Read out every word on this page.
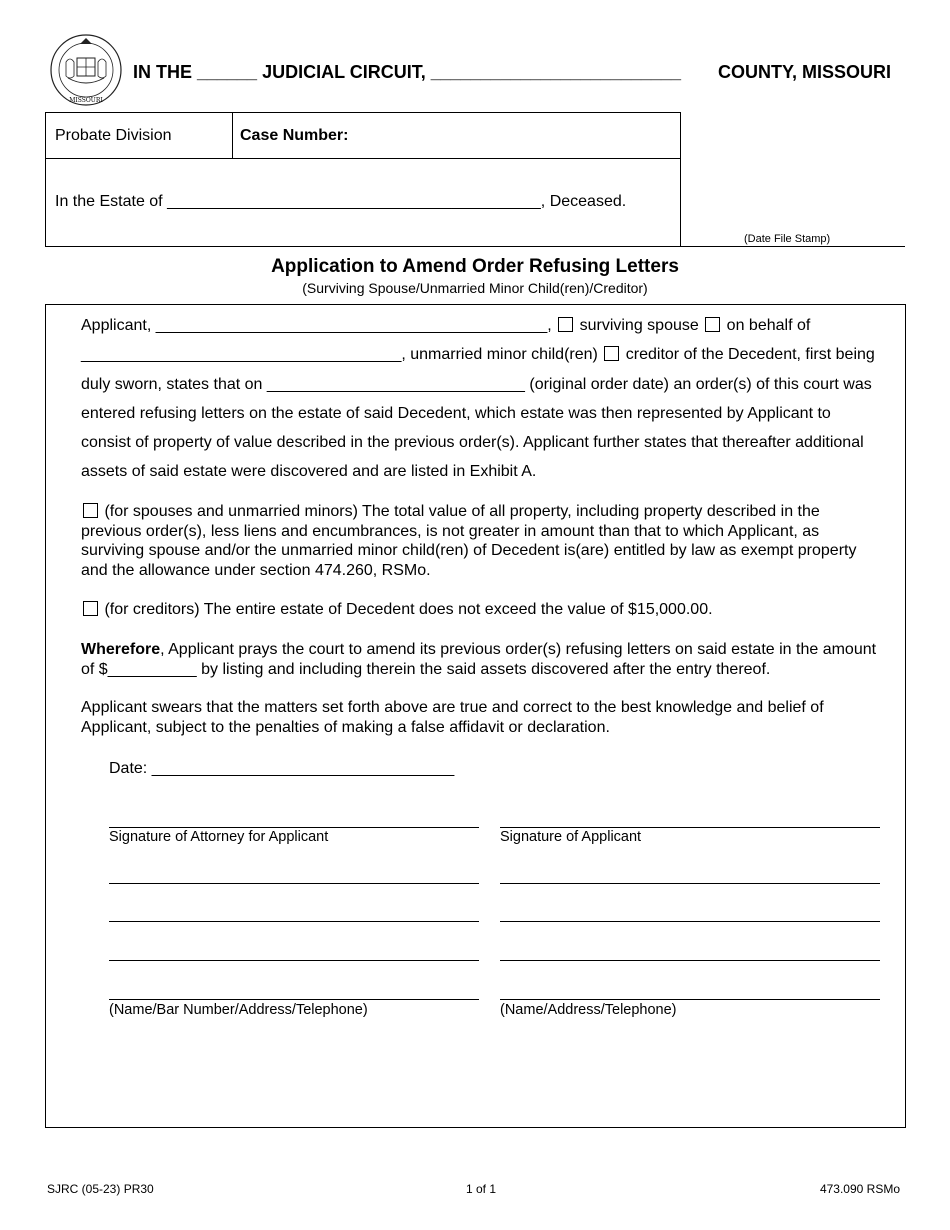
MISSOURI
IN THE ______ JUDICIAL CIRCUIT, _________________________ COUNTY, MISSOURI
Probate Division	Case Number:
In the Estate of __________________________________________, Deceased.
(Date File Stamp)
Application to Amend Order Refusing Letters
(Surviving Spouse/Unmarried Minor Child(ren)/Creditor)
Applicant, ____________________________________________, surviving spouse on behalf of ____________________________________, unmarried minor child(ren) creditor of the Decedent, first being duly sworn, states that on _____________________________ (original order date) an order(s) of this court was entered refusing letters on the estate of said Decedent, which estate was then represented by Applicant to consist of property of value described in the previous order(s). Applicant further states that thereafter additional assets of said estate were discovered and are listed in Exhibit A.
(for spouses and unmarried minors) The total value of all property, including property described in the previous order(s), less liens and encumbrances, is not greater in amount than that to which Applicant, as surviving spouse and/or the unmarried minor child(ren) of Decedent is(are) entitled by law as exempt property and the allowance under section 474.260, RSMo.
(for creditors) The entire estate of Decedent does not exceed the value of $15,000.00.
Wherefore, Applicant prays the court to amend its previous order(s) refusing letters on said estate in the amount of $__________ by listing and including therein the said assets discovered after the entry thereof.
Applicant swears that the matters set forth above are true and correct to the best knowledge and belief of Applicant, subject to the penalties of making a false affidavit or declaration.
Date: __________________________________
Signature of Attorney for Applicant	Signature of Applicant
(Name/Bar Number/Address/Telephone)	(Name/Address/Telephone)
SJRC (05-23) PR30	1 of 1	473.090 RSMo
